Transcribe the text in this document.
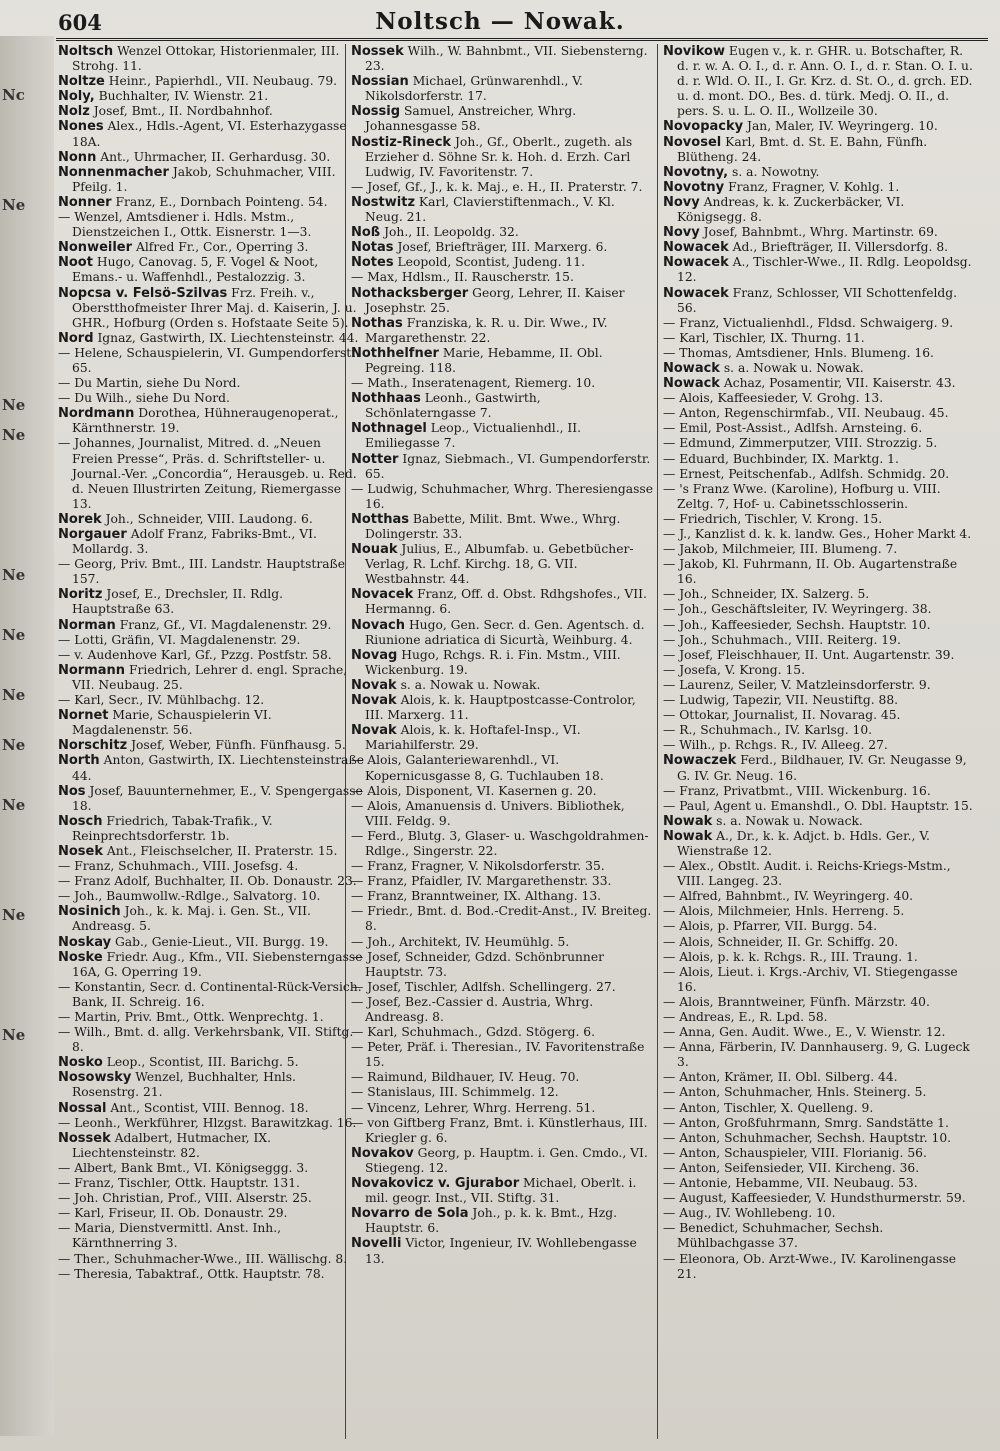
Nc
Ne
Ne
Ne
Ne
Ne
Ne
Ne
Ne
Ne
Ne
604	Noltsch — Nowak.
Noltsch Wenzel Ottokar, Historienmaler, III. Strohg. 11.
Noltze Heinr., Papierhdl., VII. Neubaug. 79.
Noly, Buchhalter, IV. Wienstr. 21.
Nolz Josef, Bmt., II. Nordbahnhof.
Nones Alex., Hdls.-Agent, VI. Esterhazygasse 18A.
Nonn Ant., Uhrmacher, II. Gerhardusg. 30.
Nonnenmacher Jakob, Schuhmacher, VIII. Pfeilg. 1.
Nonner Franz, E., Dornbach Pointeng. 54.
— Wenzel, Amtsdiener i. Hdls. Mstm., Dienstzeichen I., Ottk. Eisnerstr. 1—3.
Nonweiler Alfred Fr., Cor., Operring 3.
Noot Hugo, Canovag. 5, F. Vogel & Noot, Emans.- u. Waffenhdl., Pestalozzig. 3.
Nopcsa v. Felsö-Szilvas Frz. Freih. v., Oberstthofmeister Ihrer Maj. d. Kaiserin, J. u. GHR., Hofburg (Orden s. Hofstaate Seite 5).
Nord Ignaz, Gastwirth, IX. Liechtensteinstr. 44.
— Helene, Schauspielerin, VI. Gumpendorferstr. 65.
— Du Martin, siehe Du Nord.
— Du Wilh., siehe Du Nord.
Nordmann Dorothea, Hühneraugenoperat., Kärnthnerstr. 19.
— Johannes, Journalist, Mitred. d. „Neuen Freien Presse“, Präs. d. Schriftsteller- u. Journal.-Ver. „Concordia“, Herausgeb. u. Red. d. Neuen Illustrirten Zeitung, Riemergasse 13.
Norek Joh., Schneider, VIII. Laudong. 6.
Norgauer Adolf Franz, Fabriks-Bmt., VI. Mollardg. 3.
— Georg, Priv. Bmt., III. Landstr. Hauptstraße 157.
Noritz Josef, E., Drechsler, II. Rdlg. Hauptstraße 63.
Norman Franz, Gf., VI. Magdalenenstr. 29.
— Lotti, Gräfin, VI. Magdalenenstr. 29.
— v. Audenhove Karl, Gf., Pzzg. Postfstr. 58.
Normann Friedrich, Lehrer d. engl. Sprache, VII. Neubaug. 25.
— Karl, Secr., IV. Mühlbachg. 12.
Nornet Marie, Schauspielerin VI. Magdalenenstr. 56.
Norschitz Josef, Weber, Fünfh. Fünfhausg. 5.
North Anton, Gastwirth, IX. Liechtensteinstraße 44.
Nos Josef, Bauunternehmer, E., V. Spengergasse 18.
Nosch Friedrich, Tabak-Trafik., V. Reinprechtsdorferstr. 1b.
Nosek Ant., Fleischselcher, II. Praterstr. 15.
— Franz, Schuhmach., VIII. Josefsg. 4.
— Franz Adolf, Buchhalter, II. Ob. Donaustr. 23.
— Joh., Baumwollw.-Rdlge., Salvatorg. 10.
Nosinich Joh., k. k. Maj. i. Gen. St., VII. Andreasg. 5.
Noskay Gab., Genie-Lieut., VII. Burgg. 19.
Noske Friedr. Aug., Kfm., VII. Siebensterngasse 16A, G. Operring 19.
— Konstantin, Secr. d. Continental-Rück-Versich. Bank, II. Schreig. 16.
— Martin, Priv. Bmt., Ottk. Wenprechtg. 1.
— Wilh., Bmt. d. allg. Verkehrsbank, VII. Stiftg. 8.
Nosko Leop., Scontist, III. Barichg. 5.
Nosowsky Wenzel, Buchhalter, Hnls. Rosenstrg. 21.
Nossal Ant., Scontist, VIII. Bennog. 18.
— Leonh., Werkführer, Hlzgst. Barawitzkag. 16.
Nossek Adalbert, Hutmacher, IX. Liechtensteinstr. 82.
— Albert, Bank Bmt., VI. Königseggg. 3.
— Franz, Tischler, Ottk. Hauptstr. 131.
— Joh. Christian, Prof., VIII. Alserstr. 25.
— Karl, Friseur, II. Ob. Donaustr. 29.
— Maria, Dienstvermittl. Anst. Inh., Kärnthnerring 3.
— Ther., Schuhmacher-Wwe., III. Wällischg. 8.
— Theresia, Tabaktraf., Ottk. Hauptstr. 78.
Nossek Wilh., W. Bahnbmt., VII. Siebensterng. 23.
Nossian Michael, Grünwarenhdl., V. Nikolsdorferstr. 17.
Nossig Samuel, Anstreicher, Whrg. Johannesgasse 58.
Nostiz-Rineck Joh., Gf., Oberlt., zugeth. als Erzieher d. Söhne Sr. k. Hoh. d. Erzh. Carl Ludwig, IV. Favoritenstr. 7.
— Josef, Gf., J., k. k. Maj., e. H., II. Praterstr. 7.
Nostwitz Karl, Clavierstiftenmach., V. Kl. Neug. 21.
Noß Joh., II. Leopoldg. 32.
Notas Josef, Briefträger, III. Marxerg. 6.
Notes Leopold, Scontist, Judeng. 11.
— Max, Hdlsm., II. Rauscherstr. 15.
Nothacksberger Georg, Lehrer, II. Kaiser Josephstr. 25.
Nothas Franziska, k. R. u. Dir. Wwe., IV. Margarethenstr. 22.
Nothhelfner Marie, Hebamme, II. Obl. Pegreing. 118.
— Math., Inseratenagent, Riemerg. 10.
Nothhaas Leonh., Gastwirth, Schönlaterngasse 7.
Nothnagel Leop., Victualienhdl., II. Emiliegasse 7.
Notter Ignaz, Siebmach., VI. Gumpendorferstr. 65.
— Ludwig, Schuhmacher, Whrg. Theresiengasse 16.
Notthas Babette, Milit. Bmt. Wwe., Whrg. Dolingerstr. 33.
Nouak Julius, E., Albumfab. u. Gebetbücher-Verlag, R. Lchf. Kirchg. 18, G. VII. Westbahnstr. 44.
Novacek Franz, Off. d. Obst. Rdhgshofes., VII. Hermanng. 6.
Novach Hugo, Gen. Secr. d. Gen. Agentsch. d. Riunione adriatica di Sicurtà, Weihburg. 4.
Novag Hugo, Rchgs. R. i. Fin. Mstm., VIII. Wickenburg. 19.
Novak s. a. Nowak u. Nowak.
Novak Alois, k. k. Hauptpostcasse-Controlor, III. Marxerg. 11.
Novak Alois, k. k. Hoftafel-Insp., VI. Mariahilferstr. 29.
— Alois, Galanteriewarenhdl., VI. Kopernicusgasse 8, G. Tuchlauben 18.
— Alois, Disponent, VI. Kasernen g. 20.
— Alois, Amanuensis d. Univers. Bibliothek, VIII. Feldg. 9.
— Ferd., Blutg. 3, Glaser- u. Waschgoldrahmen-Rdlge., Singerstr. 22.
— Franz, Fragner, V. Nikolsdorferstr. 35.
— Franz, Pfaidler, IV. Margarethenstr. 33.
— Franz, Branntweiner, IX. Althang. 13.
— Friedr., Bmt. d. Bod.-Credit-Anst., IV. Breiteg. 8.
— Joh., Architekt, IV. Heumühlg. 5.
— Josef, Schneider, Gdzd. Schönbrunner Hauptstr. 73.
— Josef, Tischler, Adlfsh. Schellingerg. 27.
— Josef, Bez.-Cassier d. Austria, Whrg. Andreasg. 8.
— Karl, Schuhmach., Gdzd. Stögerg. 6.
— Peter, Präf. i. Theresian., IV. Favoritenstraße 15.
— Raimund, Bildhauer, IV. Heug. 70.
— Stanislaus, III. Schimmelg. 12.
— Vincenz, Lehrer, Whrg. Herreng. 51.
— von Giftberg Franz, Bmt. i. Künstlerhaus, III. Kriegler g. 6.
Novakov Georg, p. Hauptm. i. Gen. Cmdo., VI. Stiegeng. 12.
Novakovicz v. Gjurabor Michael, Oberlt. i. mil. geogr. Inst., VII. Stiftg. 31.
Novarro de Sola Joh., p. k. k. Bmt., Hzg. Hauptstr. 6.
Novelli Victor, Ingenieur, IV. Wohllebengasse 13.
Novikow Eugen v., k. r. GHR. u. Botschafter, R. d. r. w. A. O. I., d. r. Ann. O. I., d. r. Stan. O. I. u. d. r. Wld. O. II., I. Gr. Krz. d. St. O., d. grch. ED. u. d. mont. DO., Bes. d. türk. Medj. O. II., d. pers. S. u. L. O. II., Wollzeile 30.
Novopacky Jan, Maler, IV. Weyringerg. 10.
Novosel Karl, Bmt. d. St. E. Bahn, Fünfh. Blütheng. 24.
Novotny, s. a. Nowotny.
Novotny Franz, Fragner, V. Kohlg. 1.
Novy Andreas, k. k. Zuckerbäcker, VI. Königsegg. 8.
Novy Josef, Bahnbmt., Whrg. Martinstr. 69.
Nowacek Ad., Briefträger, II. Villersdorfg. 8.
Nowacek A., Tischler-Wwe., II. Rdlg. Leopoldsg. 12.
Nowacek Franz, Schlosser, VII Schottenfeldg. 56.
— Franz, Victualienhdl., Fldsd. Schwaigerg. 9.
— Karl, Tischler, IX. Thurng. 11.
— Thomas, Amtsdiener, Hnls. Blumeng. 16.
Nowack s. a. Nowak u. Nowak.
Nowack Achaz, Posamentir, VII. Kaiserstr. 43.
— Alois, Kaffeesieder, V. Grohg. 13.
— Anton, Regenschirmfab., VII. Neubaug. 45.
— Emil, Post-Assist., Adlfsh. Arnsteing. 6.
— Edmund, Zimmerputzer, VIII. Strozzig. 5.
— Eduard, Buchbinder, IX. Marktg. 1.
— Ernest, Peitschenfab., Adlfsh. Schmidg. 20.
— 's Franz Wwe. (Karoline), Hofburg u. VIII. Zeltg. 7, Hof- u. Cabinetsschlosserin.
— Friedrich, Tischler, V. Krong. 15.
— J., Kanzlist d. k. k. landw. Ges., Hoher Markt 4.
— Jakob, Milchmeier, III. Blumeng. 7.
— Jakob, Kl. Fuhrmann, II. Ob. Augartenstraße 16.
— Joh., Schneider, IX. Salzerg. 5.
— Joh., Geschäftsleiter, IV. Weyringerg. 38.
— Joh., Kaffeesieder, Sechsh. Hauptstr. 10.
— Joh., Schuhmach., VIII. Reiterg. 19.
— Josef, Fleischhauer, II. Unt. Augartenstr. 39.
— Josefa, V. Krong. 15.
— Laurenz, Seiler, V. Matzleinsdorferstr. 9.
— Ludwig, Tapezir, VII. Neustiftg. 88.
— Ottokar, Journalist, II. Novarag. 45.
— R., Schuhmach., IV. Karlsg. 10.
— Wilh., p. Rchgs. R., IV. Alleeg. 27.
Nowaczek Ferd., Bildhauer, IV. Gr. Neugasse 9, G. IV. Gr. Neug. 16.
— Franz, Privatbmt., VIII. Wickenburg. 16.
— Paul, Agent u. Emanshdl., O. Dbl. Hauptstr. 15.
Nowak s. a. Nowak u. Nowack.
Nowak A., Dr., k. k. Adjct. b. Hdls. Ger., V. Wienstraße 12.
— Alex., Obstlt. Audit. i. Reichs-Kriegs-Mstm., VIII. Langeg. 23.
— Alfred, Bahnbmt., IV. Weyringerg. 40.
— Alois, Milchmeier, Hnls. Herreng. 5.
— Alois, p. Pfarrer, VII. Burgg. 54.
— Alois, Schneider, II. Gr. Schiffg. 20.
— Alois, p. k. k. Rchgs. R., III. Traung. 1.
— Alois, Lieut. i. Krgs.-Archiv, VI. Stiegengasse 16.
— Alois, Branntweiner, Fünfh. Märzstr. 40.
— Andreas, E., R. Lpd. 58.
— Anna, Gen. Audit. Wwe., E., V. Wienstr. 12.
— Anna, Färberin, IV. Dannhauserg. 9, G. Lugeck 3.
— Anton, Krämer, II. Obl. Silberg. 44.
— Anton, Schuhmacher, Hnls. Steinerg. 5.
— Anton, Tischler, X. Quelleng. 9.
— Anton, Großfuhrmann, Smrg. Sandstätte 1.
— Anton, Schuhmacher, Sechsh. Hauptstr. 10.
— Anton, Schauspieler, VIII. Florianig. 56.
— Anton, Seifensieder, VII. Kircheng. 36.
— Antonie, Hebamme, VII. Neubaug. 53.
— August, Kaffeesieder, V. Hundsthurmerstr. 59.
— Aug., IV. Wohllebeng. 10.
— Benedict, Schuhmacher, Sechsh. Mühlbachgasse 37.
— Eleonora, Ob. Arzt-Wwe., IV. Karolinengasse 21.
